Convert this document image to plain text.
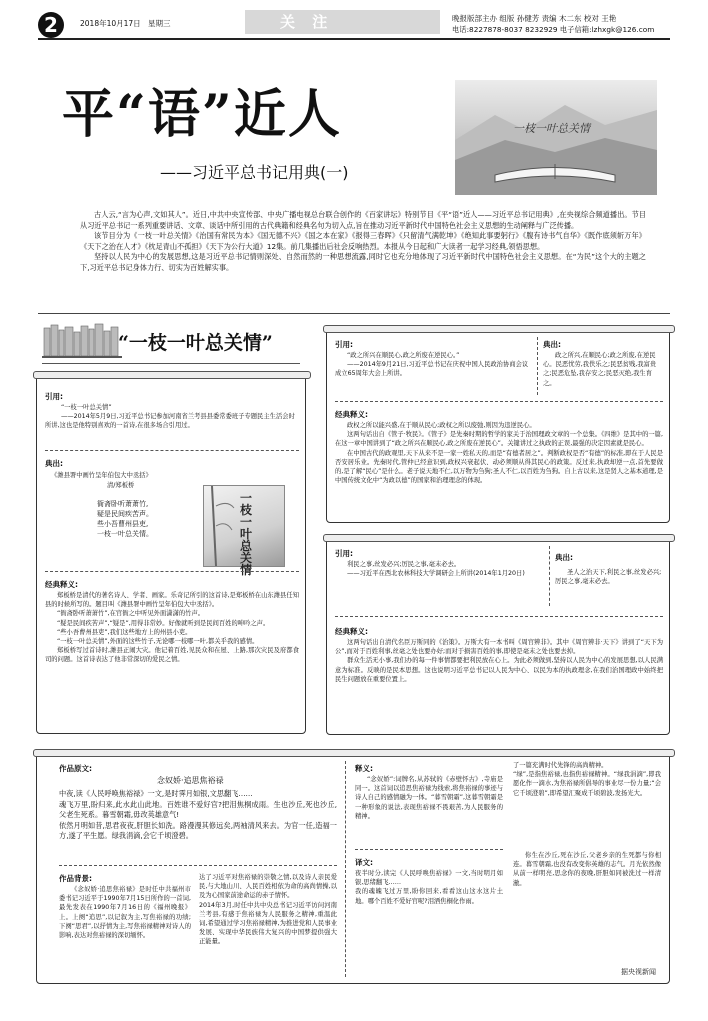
2	2018年10月17日 星期三	关 注	晚报版部主办 组版 孙健芳 责编 木二东 校对 王艳
电话:8227878-8037 8232929 电子信箱:lzhxgk@126.com
平“语”近人
——习近平总书记用典(一)
一枝一叶总关情

古人云,“言为心声,文如其人”。近日,中共中央宣传部、中央广播电视总台联合创作的《百家讲坛》特别节目《平“语”近人——习近平总书记用典》,在央视综合频道播出。节目从习近平总书记一系列重要讲话、文章、谈话中所引用的古代典籍和经典名句为切入点,旨在推动习近平新时代中国特色社会主义思想的生动阐释与广泛传播。

该节目分为《一枝一叶总关情》《治国有常民为本》《国无德不兴》《国之本在家》《报得三春晖》《只留清气满乾坤》《绝知此事要躬行》《腹有诗书气自华》《既作底须斩万年》《天下之治在人才》《枕足青山不孤担》《天下为公行大道》12集。前几集播出后社会反响热烈。本报从今日起和广大读者一起学习经典,领悟思想。

坚持以人民为中心的发展思想,这是习近平总书记情则深处、自然而然的一种思想流露,同时它也充分地体现了习近平新时代中国特色社会主义思想。在“为民”这个大的主题之下,习近平总书记身体力行、切实为百姓解实事。

“一枝一叶总关情”
引用:
“一枝一叶总关情”
——2014年5月9日,习近平总书记参加河南省兰考县县委常委班子专题民主生活会时所讲,这也是他特别喜欢的一首诗,在很多场合引用过。
典出:
《潍县署中画竹呈年伯包大中丞括》
清/郑板桥
衙斋卧听萧萧竹,
疑是民间疾苦声。
些小吾曹州县吏,
一枝一叶总关情。
一枝一叶总关情
经典释义:
郑板桥是清代的著名诗人、学者、画家。乐奇记所引的这首诗,是郑板桥在山东潍县任知县的时候所写的。题目叫《潍县署中画竹呈年伯包大中丞括》。
“衙斋卧听萧萧竹”,在官衙之中听见外面潇潇的竹声。
“疑是民间疾苦声”,“疑是”,用得非常妙。好像就听到是民间百姓的呻吟之声。
“些小吾曹州县吏”,我们这些地方上的州县小吏。
“一枝一叶总关情”,外面的这些竹子,无论哪一枝哪一叶,都关乎我的感情。
郑板桥写过首诗时,潍县正闹大灾。他记着百姓,见民众和在屋、上路,那次灾民及府都食司的问题。这首诗表达了他非常深切的爱民之情。
引用:
“政之所兴在顺民心,政之所废在逆民心。”
——2014年9月21日,习近平总书记在庆祝中国人民政治协商会议成立65周年大会上所讲。
典出:
政之所兴,在顺民心;政之所废,在逆民心。民恶忧劳,我佚乐之;民恶贫贱,我富贵之;民恶危坠,我存安之;民恶灭绝,我生育之。
经典释义:
政权之所以能兴盛,在于顺从民心;政权之所以废弛,则因为违逆民心。
这两句话出自《管子·牧民》。《管子》是先秦时期的哲学的家关于治国理政文章的一个总集。《四维》是其中的一篇,在这一章中国讲到了“政之所兴在顺民心,政之所废在逆民心”。关键讲过之执政的正误,最强的决定因素就是民心。
在中国古代的政观里,天下从来不是一家一姓私天的,而是“有德者居之”。判断政权是否“有德”的标准,即在于人民是否安居乐业。先秦时代,管仲已经意识到,政权兴衰起伏、动必须顺从得其民心的政策。反过来,执政却逆一点,首先要做的,是了解“民心”是什么。老子说天地不仁,以万物为刍狗;圣人不仁,以百姓为刍狗。自上古以来,这是贤人之基本道理,是中国传统文化中“为政以德”的国家和治理理念的体现。
引用:
利民之事,丝发必兴;厉民之事,毫末必去。
——习近平在西北农林科技大学调研会上所讲(2014年1月20日)
典出:
圣人之治天下,利民之事,丝发必兴;厉民之事,毫末必去。
经典释义:
这两句话出自清代名臣万斯同的《治策》。万斯大有一本书叫《周官辨非》。其中《周官辨非·天下》讲到了“天下为公”,而对于百姓利事,丝毫之处也要办好;而对于损害百姓的事,即使是毫末之处也要去掉。
群众生活无小事,我们办的每一件事情都要把利民放在心上。为此必须做到,坚持以人民为中心的发展思想,以人民满意为标准。反映的是民本思想。这也说明习近平总书记以人民为中心、以民为本的执政理念,在我们治国理政中始终把民生问题放在重要位置上。
作品原文:
念奴娇·追思焦裕禄
中夜,读《人民呼唤焦裕禄》一文,是时霁月如银,文思翻飞……
魂飞万里,盼归来,此水此山此地。百姓谁不爱好官?把泪焦桐成雨。生也沙丘,死也沙丘,父老生死系。暮雪朝霜,毋改英雄意气!
依然月明如昔,思君夜夜,肝胆长如洗。路漫漫其修远矣,两袖清风来去。为官一任,造福一方,遂了平生愿。绿我涓滴,会它千顷澄碧。
作品背景:
《念奴娇·追思焦裕禄》是时任中共福州市委书记习近平于1990年7月15日所作的一首词,最先发表在1990年7月16日的《福州晚报》上。上阕“追思”,以记叙为主,写焦裕禄的功绩;下阕“思君”,以抒情为主,写焦裕禄精神对诗人的影响,表达对焦裕禄的深切缅怀。
达了习近平对焦裕禄的崇敬之情,以及诗人亲民爱民,与大地山川、人民百姓相依为命的高尚情操,以及为心国家前途命运的赤子情怀。
2014年3月,时任中共中央总书记习近平访问河南兰考县,有感于焦裕禄为人民服务之精神,重温此词,希望通过学习焦裕禄精神,为推进党和人民事业发展、实现中华民族伟大复兴的中国梦提供强大正能量。
释义:
“念奴娇”:词牌名,从苏轼的《赤壁怀古》,寺庙是同一。这首词以追思焦裕禄为线索,将焦裕禄的事迹与诗人自己的感情融为一体。“暮雪朝霜”,这暮雪朝霜是一种形象的说法,表现焦裕禄不畏艰苦,为人民服务的精神。
了一篇充满时代先锋的高尚精神。
“绿”,是指焦裕禄,也指焦裕禄精神。“绿我涓滴”,即我愿化作一滴水,为焦裕禄所倡导的事业尽一份力量;“会它千顷澄碧”,即希望汇聚成千顷碧波,发扬光大。
译文:
夜半时分,读完《人民呼唤焦裕禄》一文,当时明月如银,思绪翻飞……
我的魂魄飞过万里,盼你回来,看看这山这水这片土地。哪个百姓不爱好官呢?泪洒焦桐化作雨。
你生在沙丘,死在沙丘,父老乡亲的生死都与你相连。暮雪朝霜,也没有改变你英雄的志气。月光依然像从前一样明亮,思念你的夜晚,肝胆如同被洗过一样清澈。
据央视新闻
